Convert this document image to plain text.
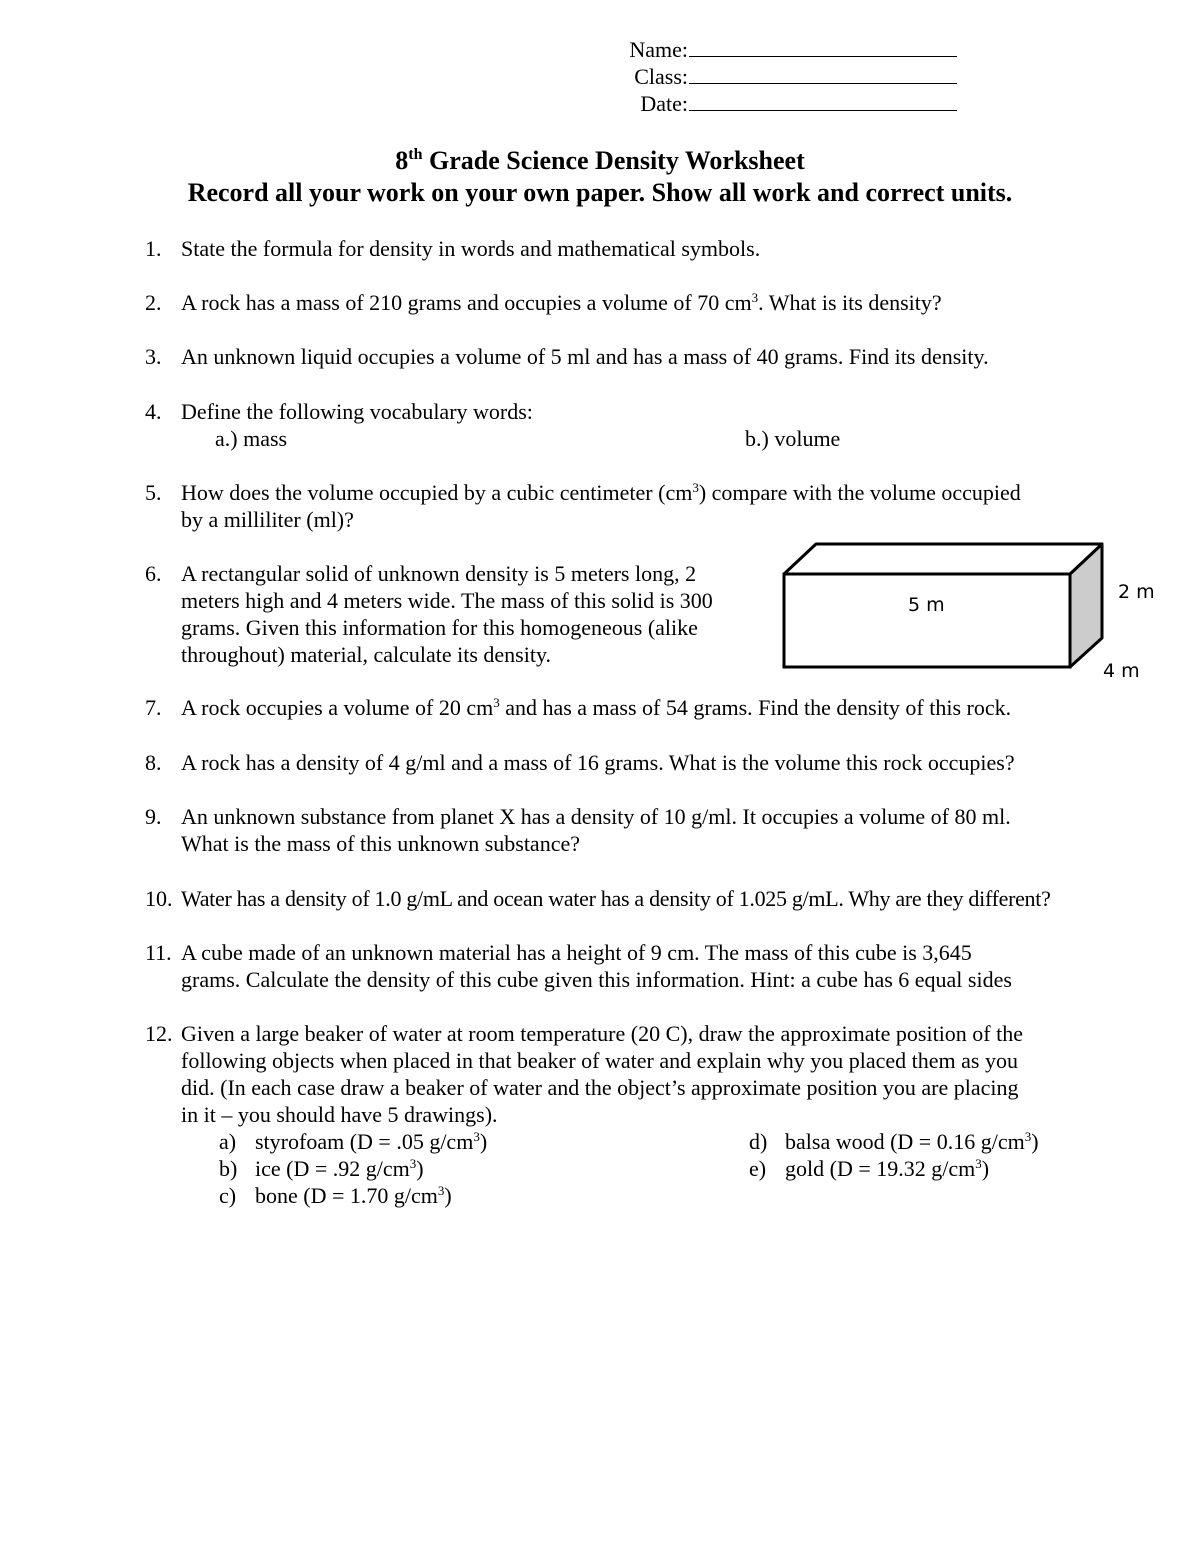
Name:
Class:
Date:
8th Grade Science Density Worksheet
Record all your work on your own paper. Show all work and correct units.
1. State the formula for density in words and mathematical symbols.
2. A rock has a mass of 210 grams and occupies a volume of 70 $cm^3$. What is its density?
3. An unknown liquid occupies a volume of 5 ml and has a mass of 40 grams. Find its density.
4. Define the following vocabulary words:
a.) mass	b.) volume
5. How does the volume occupied by a cubic centimeter $(cm^3)$ compare with the volume occupied
by a milliliter (ml)?
6. A rectangular solid of unknown density is 5 meters long, 2
meters high and 4 meters wide. The mass of this solid is 300
grams. Given this information for this homogeneous (alike
throughout) material, calculate its density.
5 m
2 m
4 m
7. A rock occupies a volume of 20 $cm^3$ and has a mass of 54 grams. Find the density of this rock.
8. A rock has a density of 4 g/ml and a mass of 16 grams. What is the volume this rock occupies?
9. An unknown substance from planet X has a density of 10 g/ml. It occupies a volume of 80 ml.
What is the mass of this unknown substance?
10. Water has a density of 1.0 g/mL and ocean water has a density of 1.025 g/mL. Why are they different?
11. A cube made of an unknown material has a height of 9 cm. The mass of this cube is 3,645
grams. Calculate the density of this cube given this information. Hint: a cube has 6 equal sides
12. Given a large beaker of water at room temperature (20 C), draw the approximate position of the
following objects when placed in that beaker of water and explain why you placed them as you
did. (In each case draw a beaker of water and the object’s approximate position you are placing
in it – you should have 5 drawings).
a) styrofoam (D = .05 $g/cm^3$)
b) ice (D = .92 $g/cm^3$)
c) bone (D = 1.70 $g/cm^3$)
d) balsa wood (D = 0.16 $g/cm^3$)
e) gold (D = 19.32 $g/cm^3$)
